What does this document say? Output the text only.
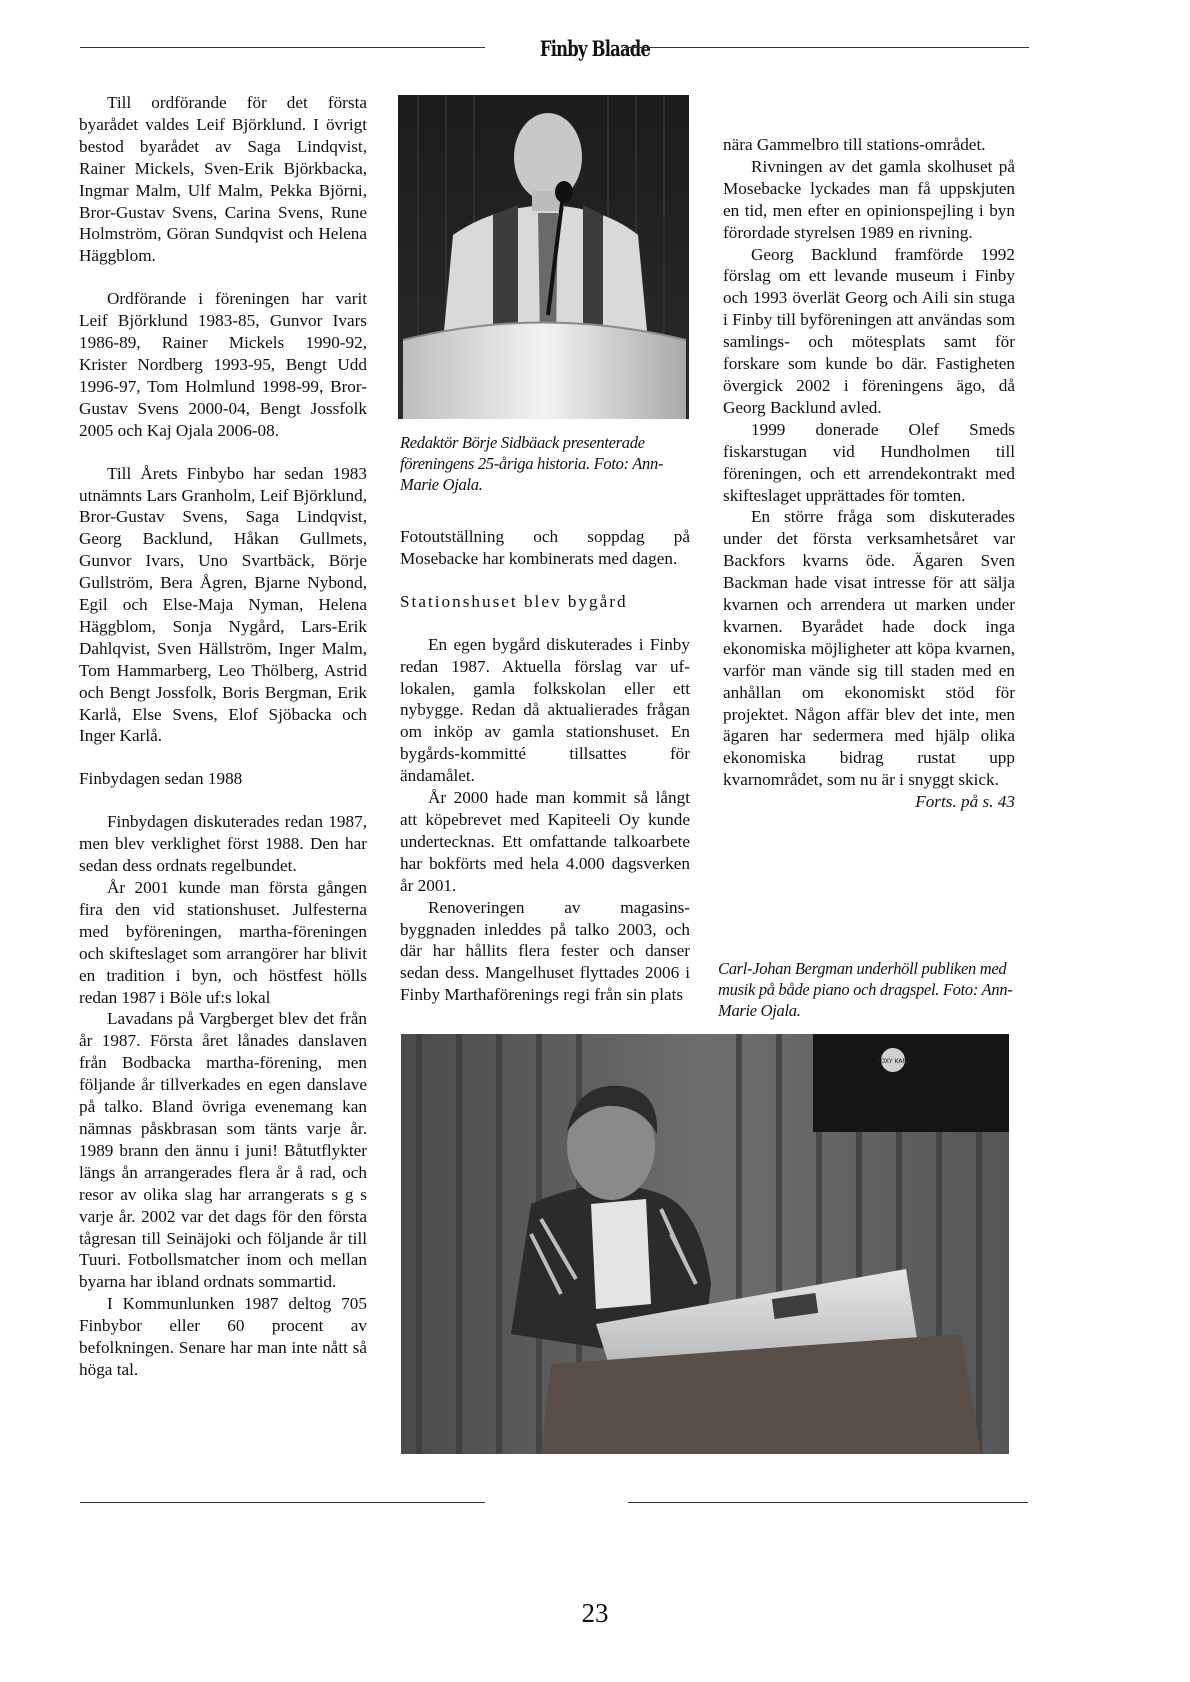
Finby Blaade

Till ordförande för det första byarådet valdes Leif Björklund. I övrigt bestod byarådet av Saga Lindqvist, Rainer Mickels, Sven-Erik Björkbacka, Ingmar Malm, Ulf Malm, Pekka Björni, Bror-Gustav Svens, Carina Svens, Rune Holmström, Göran Sundqvist och Helena Häggblom.

Ordförande i föreningen har varit Leif Björklund 1983-85, Gunvor Ivars 1986-89, Rainer Mickels 1990-92, Krister Nordberg 1993-95, Bengt Udd 1996-97, Tom Holmlund 1998-99, Bror-Gustav Svens 2000-04, Bengt Jossfolk 2005 och Kaj Ojala 2006-08.

Till Årets Finbybo har sedan 1983 utnämnts Lars Granholm, Leif Björklund, Bror-Gustav Svens, Saga Lindqvist, Georg Backlund, Håkan Gullmets, Gunvor Ivars, Uno Svartbäck, Börje Gullström, Bera Ågren, Bjarne Nybond, Egil och Else-Maja Nyman, Helena Häggblom, Sonja Nygård, Lars-Erik Dahlqvist, Sven Hällström, Inger Malm, Tom Hammarberg, Leo Thölberg, Astrid och Bengt Jossfolk, Boris Bergman, Erik Karlå, Else Svens, Elof Sjöbacka och Inger Karlå.

Finbydagen sedan 1988

Finbydagen diskuterades redan 1987, men blev verklighet först 1988. Den har sedan dess ordnats regelbundet.

År 2001 kunde man första gången fira den vid stationshuset. Julfesterna med byföreningen, martha-föreningen och skifteslaget som arrangörer har blivit en tradition i byn, och höstfest hölls redan 1987 i Böle uf:s lokal

Lavadans på Vargberget blev det från år 1987. Första året lånades danslaven från Bodbacka martha-förening, men följande år tillverkades en egen danslave på talko. Bland övriga evenemang kan nämnas påskbrasan som tänts varje år. 1989 brann den ännu i juni! Båtutflykter längs ån arrangerades flera år å rad, och resor av olika slag har arrangerats s g s varje år. 2002 var det dags för den första tågresan till Seinäjoki och följande år till Tuuri. Fotbollsmatcher inom och mellan byarna har ibland ordnats sommartid.

I Kommunlunken 1987 deltog 705 Finbybor eller 60 procent av befolkningen. Senare har man inte nått så höga tal.

Redaktör Börje Sidbäack presenterade föreningens 25-åriga historia. Foto: Ann-Marie Ojala.

Fotoutställning och soppdag på Mosebacke har kombinerats med dagen.

Stationshuset blev bygård

En egen bygård diskuterades i Finby redan 1987. Aktuella förslag var uf-lokalen, gamla folkskolan eller ett nybygge. Redan då aktualierades frågan om inköp av gamla stationshuset. En bygårds-kommitté tillsattes för ändamålet.

År 2000 hade man kommit så långt att köpebrevet med Kapiteeli Oy kunde undertecknas. Ett omfattande talkoarbete har bokförts med hela 4.000 dagsverken år 2001.

Renoveringen av magasins-byggnaden inleddes på talko 2003, och där har hållits flera fester och danser sedan dess. Mangelhuset flyttades 2006 i Finby Marthaförenings regi från sin plats

nära Gammelbro till stations-området.

Rivningen av det gamla skolhuset på Mosebacke lyckades man få uppskjuten en tid, men efter en opinionspejling i byn förordade styrelsen 1989 en rivning.

Georg Backlund framförde 1992 förslag om ett levande museum i Finby och 1993 överlät Georg och Aili sin stuga i Finby till byföreningen att användas som samlings- och mötesplats samt för forskare som kunde bo där. Fastigheten övergick 2002 i föreningens ägo, då Georg Backlund avled.

1999 donerade Olef Smeds fiskarstugan vid Hundholmen till föreningen, och ett arrendekontrakt med skifteslaget upprättades för tomten.

En större fråga som diskuterades under det första verksamhetsåret var Backfors kvarns öde. Ägaren Sven Backman hade visat intresse för att sälja kvarnen och arrendera ut marken under kvarnen. Byarådet hade dock inga ekonomiska möjligheter att köpa kvarnen, varför man vände sig till staden med en anhållan om ekonomiskt stöd för projektet. Någon affär blev det inte, men ägaren har sedermera med hjälp olika ekonomiska bidrag rustat upp kvarnområdet, som nu är i snyggt skick.

Forts. på s. 43

Carl-Johan Bergman underhöll publiken med musik på både piano och dragspel. Foto: Ann-Marie Ojala.
ROXY KAFE
23
